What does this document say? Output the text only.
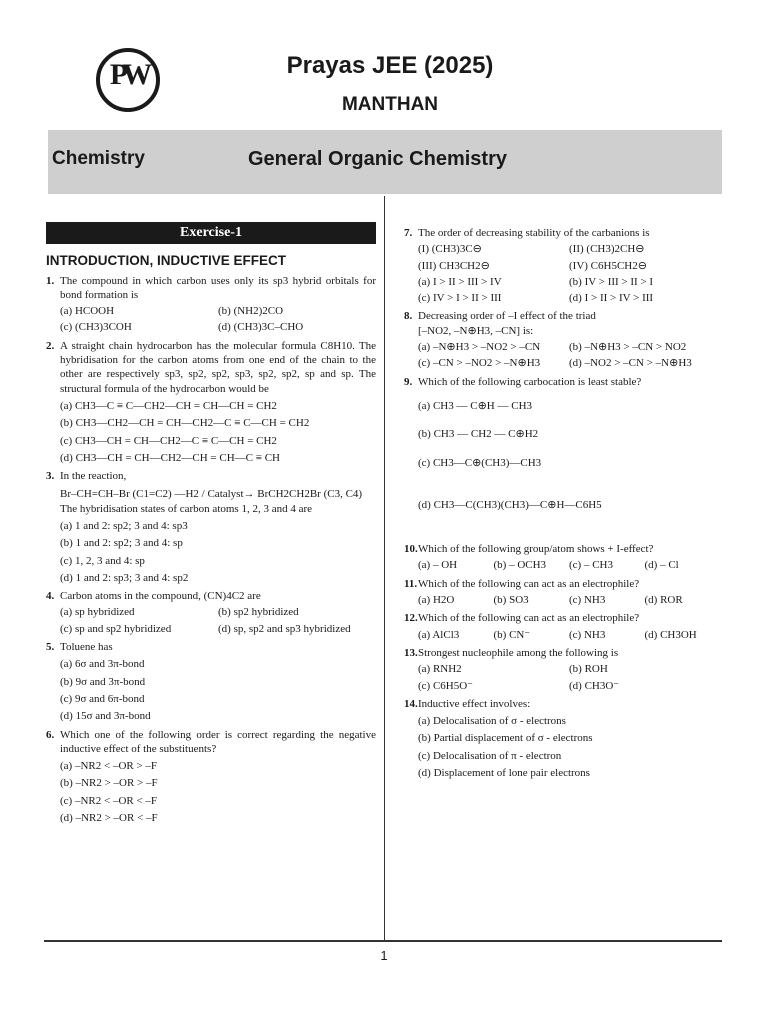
PW	Prayas JEE (2025)
MANTHAN
Chemistry	General Organic Chemistry
Exercise-1
INTRODUCTION, INDUCTIVE EFFECT
1. The compound in which carbon uses only its sp3 hybrid orbitals for bond formation is
(a) HCOOH	(b) (NH2)2CO
(c) (CH3)3COH	(d) (CH3)3C–CHO
2. A straight chain hydrocarbon has the molecular formula C8H10. The hybridisation for the carbon atoms from one end of the chain to the other are respectively sp3, sp2, sp2, sp3, sp2, sp2, sp and sp. The structural formula of the hydrocarbon would be
(a) CH3—C ≡ C—CH2—CH = CH—CH = CH2
(b) CH3—CH2—CH = CH—CH2—C ≡ C—CH = CH2
(c) CH3—CH = CH—CH2—C ≡ C—CH = CH2
(d) CH3—CH = CH—CH2—CH = CH—C ≡ CH
3. In the reaction,
Br–CH=CH–Br (C1=C2) —H2 / Catalyst→ BrCH2CH2Br (C3, C4)
The hybridisation states of carbon atoms 1, 2, 3 and 4 are
(a) 1 and 2: sp2; 3 and 4: sp3
(b) 1 and 2: sp2; 3 and 4: sp
(c) 1, 2, 3 and 4: sp
(d) 1 and 2: sp3; 3 and 4: sp2
4. Carbon atoms in the compound, (CN)4C2 are
(a) sp hybridized	(b) sp2 hybridized
(c) sp and sp2 hybridized	(d) sp, sp2 and sp3 hybridized
5. Toluene has
(a) 6σ and 3π-bond
(b) 9σ and 3π-bond
(c) 9σ and 6π-bond
(d) 15σ and 3π-bond
6. Which one of the following order is correct regarding the negative inductive effect of the substituents?
(a) –NR2 < –OR > –F
(b) –NR2 > –OR > –F
(c) –NR2 < –OR < –F
(d) –NR2 > –OR < –F
7. The order of decreasing stability of the carbanions is
(I) (CH3)3C⊖	(II) (CH3)2CH⊖
(III) CH3CH2⊖	(IV) C6H5CH2⊖
(a) I > II > III > IV	(b) IV > III > II > I
(c) IV > I > II > III	(d) I > II > IV > III
8. Decreasing order of –I effect of the triad
[–NO2, –N⊕H3, –CN] is:
(a) –N⊕H3 > –NO2 > –CN	(b) –N⊕H3 > –CN > NO2
(c) –CN > –NO2 > –N⊕H3	(d) –NO2 > –CN > –N⊕H3
9. Which of the following carbocation is least stable?
(a) CH3 — C⊕H — CH3
(b) CH3 — CH2 — C⊕H2
(c) CH3—C⊕(CH3)—CH3
(d) CH3—C(CH3)(CH3)—C⊕H—C6H5
10. Which of the following group/atom shows + I-effect?
(a) – OH	(b) – OCH3	(c) – CH3	(d) – Cl
11. Which of the following can act as an electrophile?
(a) H2O	(b) SO3	(c) NH3	(d) ROR
12. Which of the following can act as an electrophile?
(a) AlCl3	(b) CN⁻	(c) NH3	(d) CH3OH
13. Strongest nucleophile among the following is
(a) RNH2	(b) ROH
(c) C6H5O⁻	(d) CH3O⁻
14. Inductive effect involves:
(a) Delocalisation of σ - electrons
(b) Partial displacement of σ - electrons
(c) Delocalisation of π - electron
(d) Displacement of lone pair electrons
1
